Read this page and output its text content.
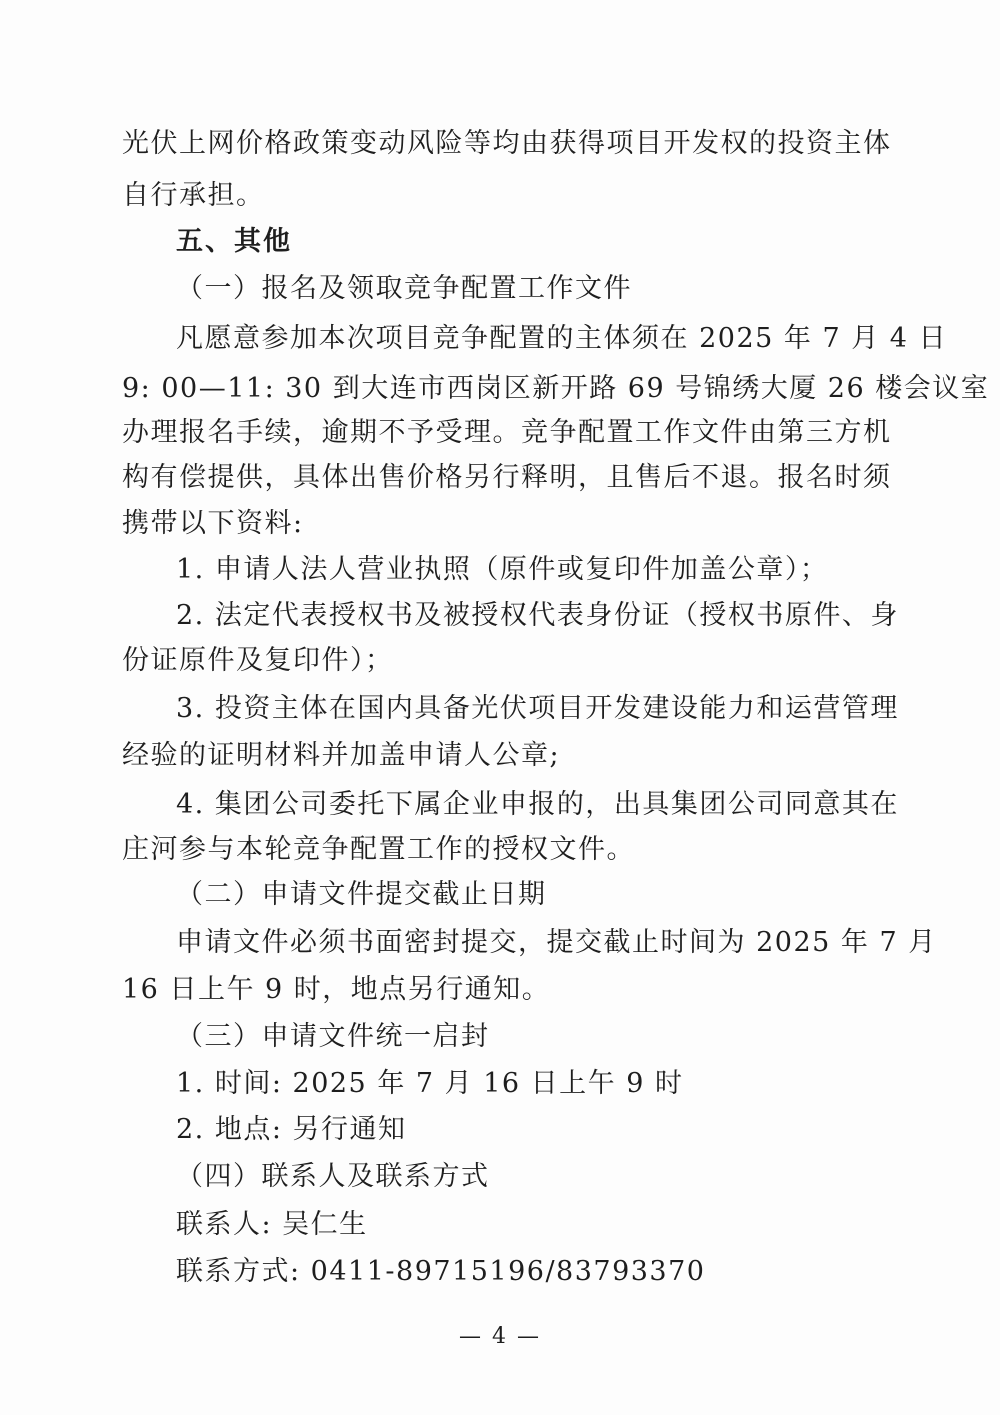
光伏上网价格政策变动风险等均由获得项目开发权的投资主体
自行承担。
五、其他
（一）报名及领取竞争配置工作文件
凡愿意参加本次项目竞争配置的主体须在 2025 年 7 月 4 日
9: 00—11: 30 到大连市西岗区新开路 69 号锦绣大厦 26 楼会议室
办理报名手续，逾期不予受理。竞争配置工作文件由第三方机
构有偿提供，具体出售价格另行释明，且售后不退。报名时须
携带以下资料:
1. 申请人法人营业执照（原件或复印件加盖公章）；
2. 法定代表授权书及被授权代表身份证（授权书原件、身
份证原件及复印件）；
3. 投资主体在国内具备光伏项目开发建设能力和运营管理
经验的证明材料并加盖申请人公章;
4. 集团公司委托下属企业申报的，出具集团公司同意其在
庄河参与本轮竞争配置工作的授权文件。
（二）申请文件提交截止日期
申请文件必须书面密封提交，提交截止时间为 2025 年 7 月
16 日上午 9 时，地点另行通知。
（三）申请文件统一启封
1. 时间: 2025 年 7 月 16 日上午 9 时
2. 地点: 另行通知
（四）联系人及联系方式
联系人: 吴仁生
联系方式: 0411-89715196/83793370
— 4 —
